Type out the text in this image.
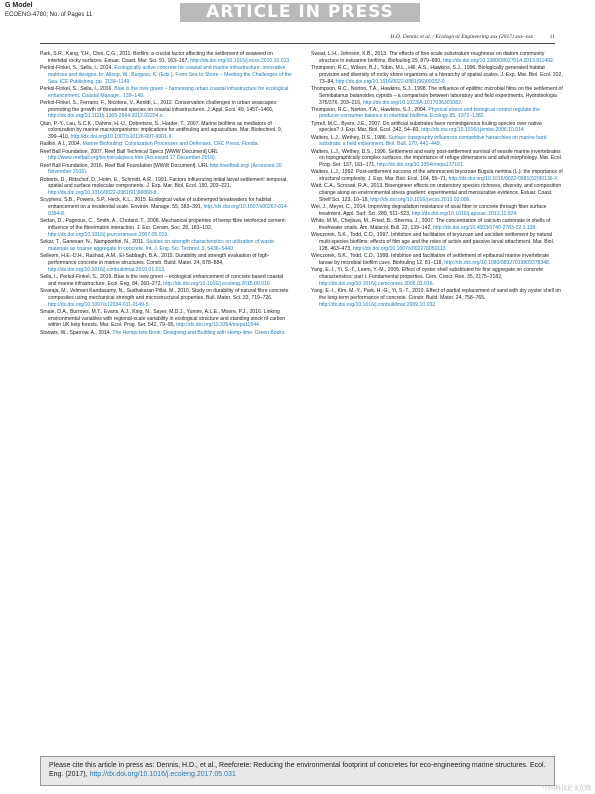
G Model
ECOENG-4780; No. of Pages 11	ARTICLE IN PRESS
H.D. Dennis et al. / Ecological Engineering xxx (2017) xxx–xxx	11
Park, S.R., Kang, Y.H., Choi, C.G., 2011. Biofilm: a crucial factor affecting the settlement of seaweed on intertidal rocky surfaces. Estuar. Coast. Mar. Sci. 91, 163–167, http://dx.doi.org/10.1016/j.ecss.2010.10.013.
Perkol-Finkel, S., Sella, I., 2014. Ecologically active concrete for coastal and marine infrastructure: innovative matrices and designs. In: Allsop, W., Burgess, K. (Eds.), From Sea to Shore – Meeting the Challenges of the Sea. ICE Publishing, pp. 1139–1149.
Perkol-Finkel, S., Sella, I., 2016. Blue is the new green – harnessing urban coastal infrastructure for ecological enhancement. Coastal Manage., 139–149.
Perkol-Finkel, S., Ferrario, F., Nicotera, V., Airoldi, L., 2012. Conservation challenges in urban seascapes: promoting the growth of threatened species on coastal infrastructures. J. Appl. Ecol. 49, 1457–1466, http://dx.doi.org/10.1111/j.1365-2664.2012.02204.x.
Qian, P.-Y., Lau, S.C.K., Dahms, H.-U., Dobretsov, S., Harder, T., 2007. Marine biofilms as mediators of colonization by marine macroorganisms: implications for antifouling and aquaculture. Mar. Biotechnol. 9, 399–410, http://dx.doi.org/10.1007/s10126-007-9001-9.
Railkin, A.I., 2004. Marine Biofouling: Colonization Processes and Defenses. CRC Press, Florida.
Reef Ball Foundation, 2007. Reef Ball Technical Specs [WWW Document] URL http://www.reefball.org/technicalspecs.htm (Accessed 17 December 2016).
Reef Ball Foundation, 2016. Reef Ball Foundation [WWW Document]. URL http://reefball.org/ (Accessed 20 November 2016).
Roberts, D., Rittschof, D., Holm, E., Schmidt, A.R., 1991. Factors influencing initial larval settlement: temporal, spatial and surface molecular components. J. Exp. Mar. Biol. Ecol. 150, 203–221, http://dx.doi.org/10.1016/0022-0981(91)90068-8.
Scyphers, S.B., Powers, S.P., Heck, K.L., 2015. Ecological value of submerged breakwaters for habitat enhancement on a residential scale. Environ. Manage. 55, 383–391, http://dx.doi.org/10.1007/s00267-014-0394-8.
Sedan, D., Pagnoux, C., Smith, A., Chotard, T., 2008. Mechanical properties of hemp fibre reinforced cement: influence of the fibre/matrix interaction. J. Eur. Ceram. Soc. 28, 183–192, http://dx.doi.org/10.1016/j.jeurceramsoc.2007.05.019.
Sekar, T., Ganesan, N., Nampoothiri, N., 2011. Studies on strength characteristics on utilization of waste materials as coarse aggregate in concrete. Int. J. Eng. Sci. Technol. 3, 5436–5440.
Selleem, H.E.-D.H., Rashad, A.M., El-Sabbagh, B.A., 2010. Durability and strength evaluation of high-performance concrete in marine structures. Constr. Build. Mater. 24, 878–884, http://dx.doi.org/10.1016/j.conbuildmat.2010.01.013.
Sella, I., Perkol-Finkel, S., 2015. Blue is the new green – ecological enhancement of concrete based coastal and marine infrastructure. Ecol. Eng. 84, 260–272, http://dx.doi.org/10.1016/j.ecoleng.2015.09.016.
Sivaraja, M., Velmani Kandasamy, N., Sudhakaran Pillai, M., 2010. Study on durability of natural fibre concrete composites using mechanical strength and microstructural properties. Bull. Mater. Sci. 33, 719–726, http://dx.doi.org/10.1007/s12034-011-0149-5.
Smale, D.A., Burrows, M.T., Evans, A.J., King, N., Sayer, M.D.J., Yunnie, A.L.E., Moore, P.J., 2016. Linking environmental variables with regional-scale variability in ecological structure and standing stock of carbon within UK kelp forests. Mar. Ecol. Prog. Ser. 542, 79–95, http://dx.doi.org/10.3354/meps11544.
Stanwix, W., Sparrow, A., 2014. The Hempcrete Book: Designing and Building with Hemp-lime. Green Books.
Sweat, L.H., Johnson, K.B., 2013. The effects of fine-scale substratum roughness on diatom community structure in estuarine biofilms. Biofouling 29, 879–890, http://dx.doi.org/10.1080/08927014.2013.811492.
Thompson, R.C., Wilson, B.J., Tobin, M.L., Hill, A.S., Hawkins, S.J., 1996. Biologically generated habitat provision and diversity of rocky shore organisms at a hierarchy of spatial scales. J. Exp. Mar. Biol. Ecol. 202, 73–84, http://dx.doi.org/10.1016/0022-0981(96)00032-0.
Thompson, R.C., Norton, T.A., Hawkins, S.J., 1998. The influence of epilithic microbial films on the settlement of Semibalanus balanoides cyprids – a comparison between laboratory and field experiments. Hydrobiologia 375/376, 203–216, http://dx.doi.org/10.1023/A:1017036301082.
Thompson, R.C., Norton, T.A., Hawkins, S.J., 2004. Physical stress and biological control regulate the producer-consumer balance in intertidal biofilms. Ecology 85, 1372–1382.
Tyrrell, M.C., Byers, J.E., 2007. Do artificial substrates favor nonindigenous fouling species over native species? J. Exp. Mar. Biol. Ecol. 342, 54–60, http://dx.doi.org/10.1016/j.jembe.2006.10.014.
Walters, L.J., Wethey, D.S., 1986. Surface topography influences competitive hierarchies on marine hard substrata: a field experiment. Biol. Bull. 170, 441–449.
Walters, L.J., Wethey, D.S., 1996. Settlement and early post-settlement survival of sessile marine invertebrates on topographically complex surfaces: the importance of refuge dimensions and adult morphology. Mar. Ecol. Prog. Ser. 137, 161–171, http://dx.doi.org/10.3354/meps137161.
Walters, L.J., 1992. Post-settlement success of the arborescent bryozoan Bugula neritina (L.): the importance of structural complexity. J. Exp. Mar. Biol. Ecol. 164, 55–71, http://dx.doi.org/10.1016/0022-0981(92)90136-X.
Watt, C.A., Scrosati, R.A., 2013. Bioengineer effects on understory species richness, diversity, and composition change along an environmental stress gradient: experimental and mensurative evidence. Estuar. Coast. Shelf Sci. 123, 10–18, http://dx.doi.org/10.1016/j.ecss.2013.02.006.
Wei, J., Meyer, C., 2014. Improving degradation resistance of sisal fiber in concrete through fiber surface treatment. Appl. Surf. Sci. 289, 511–523, http://dx.doi.org/10.1016/j.apsusc.2013.11.024.
White, M.M., Chejlava, M., Fried, B., Sherma, J., 2007. The concentration of calcium carbonate in shells of freshwater snails. Am. Malacol. Bull. 22, 139–142, http://dx.doi.org/10.4003/0740-2783-22.1.139.
Wieczorek, S.K., Todd, C.D., 1997. Inhibition and facilitation of bryozoan and ascidian settlement by natural multi-species biofilms: effects of film age and the roles of active and passive larval attachment. Mar. Biol. 128, 463–473, http://dx.doi.org/10.1007/s002270050113.
Wieczorek, S.K., Todd, C.D., 1998. Inhibition and facilitation of settlement of epifaunal marine invertebrate larvae by microbial biofilm cues. Biofouling 12, 81–118, http://dx.doi.org/10.1080/08927019809378348.
Yang, E.-I., Yi, S.-T., Leem, Y.-M., 2005. Effect of oyster shell substituted for fine aggregate on concrete characteristics: part I. Fundamental properties. Cem. Concr. Res. 35, 2175–2182, http://dx.doi.org/10.1016/j.cemconres.2005.03.016.
Yang, E.-I., Kim, M.-Y., Park, H.-G., Yi, S.-T., 2010. Effect of partial replacement of sand with dry oyster shell on the long-term performance of concrete. Constr. Build. Mater. 24, 758–765, http://dx.doi.org/10.1016/j.conbuildmat.2009.10.032.
Please cite this article in press as: Dennis, H.D., et al., Reefcrete: Reducing the environmental footprint of concretes for eco-engineering marine structures. Ecol. Eng. (2017), http://dx.doi.org/10.1016/j.ecoleng.2017.05.031
中国科技论文在线
